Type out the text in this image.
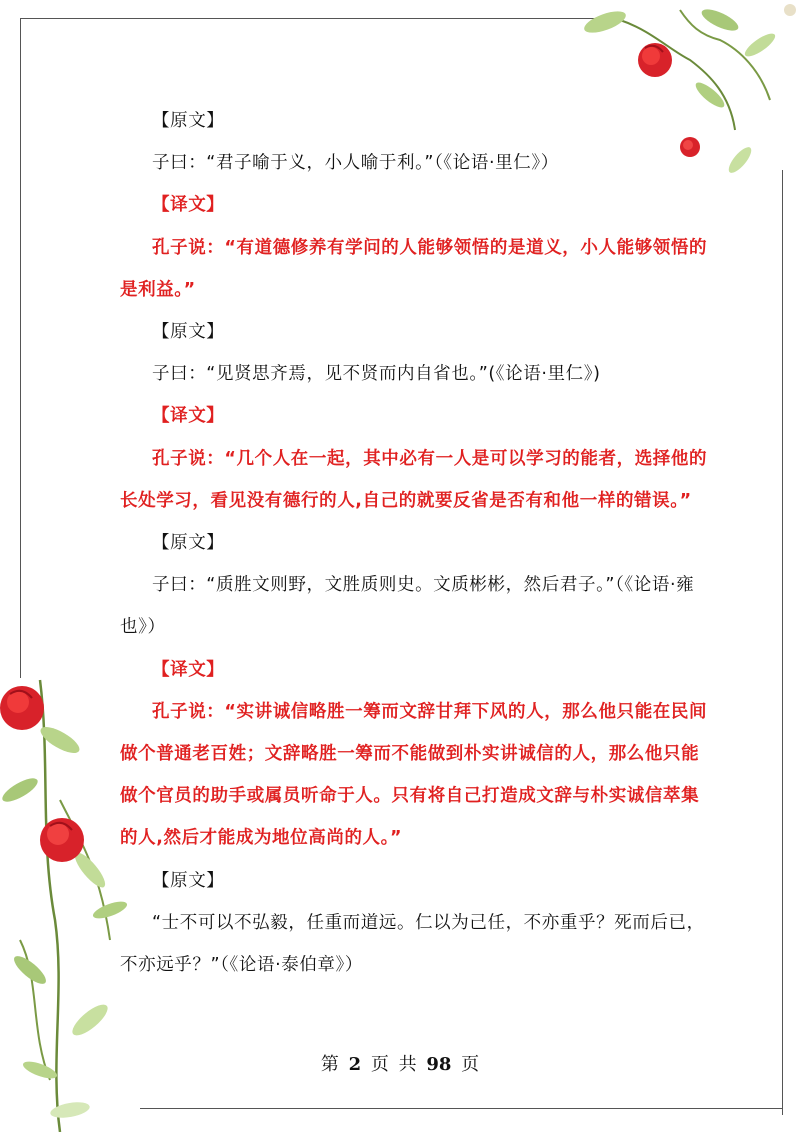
【原文】

子曰：“君子喻于义，小人喻于利。”（《论语·里仁》）

【译文】

孔子说：“有道德修养有学问的人能够领悟的是道义，小人能够领悟的是利益。”

【原文】

子曰：“见贤思齐焉，见不贤而内自省也。”(《论语·里仁》)

【译文】

孔子说：“几个人在一起，其中必有一人是可以学习的能者，选择他的长处学习，看见没有德行的人,自己的就要反省是否有和他一样的错误。”

【原文】

子曰：“质胜文则野，文胜质则史。文质彬彬，然后君子。”（《论语·雍也》）

【译文】

孔子说：“实讲诚信略胜一筹而文辞甘拜下风的人，那么他只能在民间做个普通老百姓；文辞略胜一筹而不能做到朴实讲诚信的人，那么他只能做个官员的助手或属员听命于人。只有将自己打造成文辞与朴实诚信萃集的人,然后才能成为地位高尚的人。”

【原文】

“士不可以不弘毅，任重而道远。仁以为己任，不亦重乎？死而后已，不亦远乎？”（《论语·泰伯章》）

第 2 页 共 98 页
